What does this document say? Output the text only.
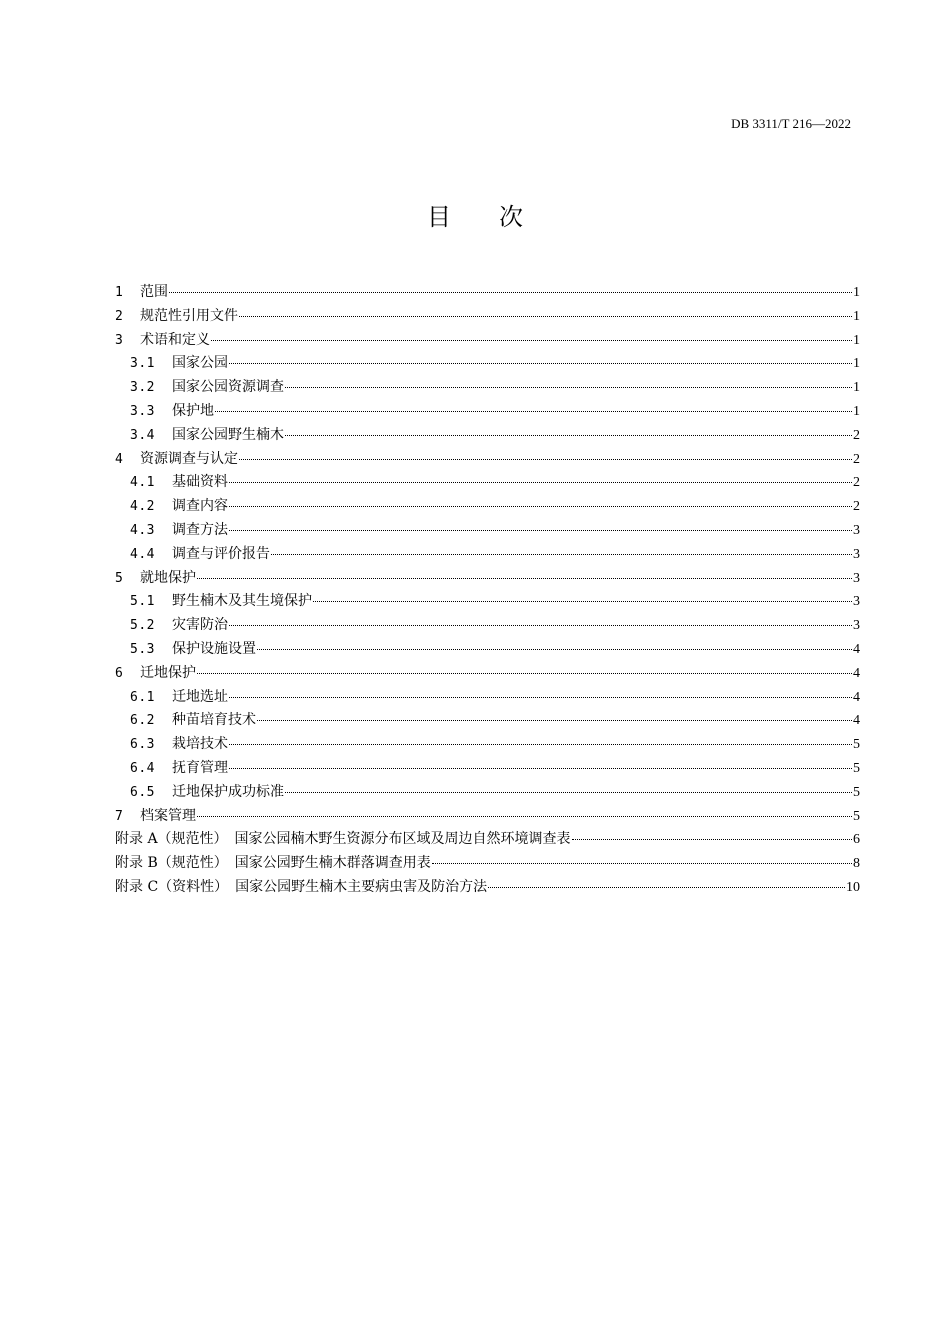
DB 3311/T 216—2022
目　　次
1	范围	1
2	规范性引用文件	1
3	术语和定义	1
3.1	国家公园	1
3.2	国家公园资源调查	1
3.3	保护地	1
3.4	国家公园野生楠木	2
4	资源调查与认定	2
4.1	基础资料	2
4.2	调查内容	2
4.3	调查方法	3
4.4	调查与评价报告	3
5	就地保护	3
5.1	野生楠木及其生境保护	3
5.2	灾害防治	3
5.3	保护设施设置	4
6	迁地保护	4
6.1	迁地选址	4
6.2	种苗培育技术	4
6.3	栽培技术	5
6.4	抚育管理	5
6.5	迁地保护成功标准	5
7	档案管理	5
附录 A（规范性）　国家公园楠木野生资源分布区域及周边自然环境调查表	6
附录 B（规范性）　国家公园野生楠木群落调查用表	8
附录 C（资料性）　国家公园野生楠木主要病虫害及防治方法	10
